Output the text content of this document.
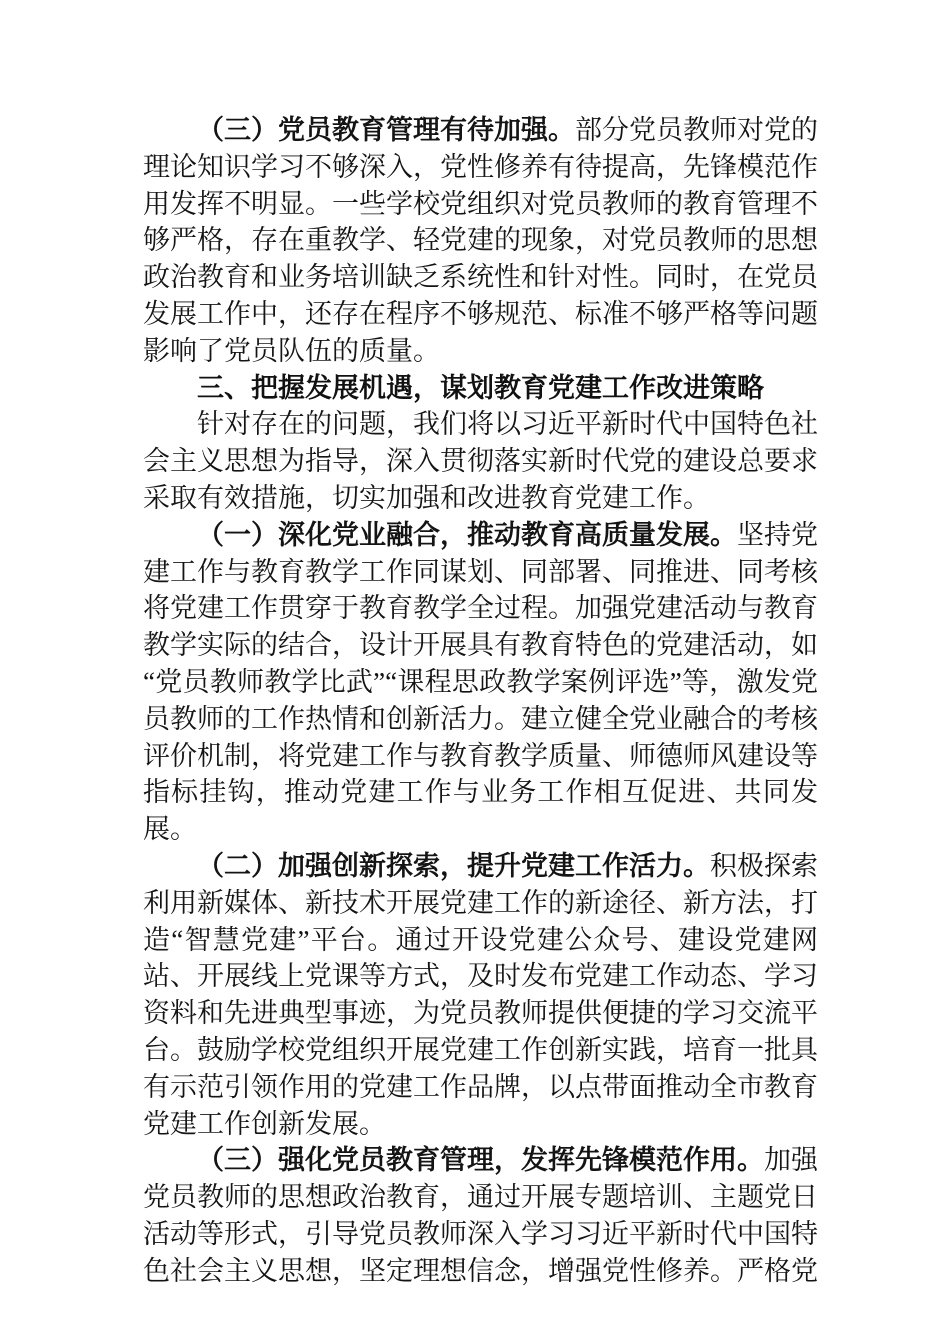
（三）党员教育管理有待加强。部分党员教师对党的理论知识学习不够深入，党性修养有待提高，先锋模范作用发挥不明显。一些学校党组织对党员教师的教育管理不够严格，存在重教学、轻党建的现象，对党员教师的思想政治教育和业务培训缺乏系统性和针对性。同时，在党员发展工作中，还存在程序不够规范、标准不够严格等问题影响了党员队伍的质量。

三、把握发展机遇，谋划教育党建工作改进策略

针对存在的问题，我们将以习近平新时代中国特色社会主义思想为指导，深入贯彻落实新时代党的建设总要求采取有效措施，切实加强和改进教育党建工作。

（一）深化党业融合，推动教育高质量发展。坚持党建工作与教育教学工作同谋划、同部署、同推进、同考核将党建工作贯穿于教育教学全过程。加强党建活动与教育教学实际的结合，设计开展具有教育特色的党建活动，如“党员教师教学比武”“课程思政教学案例评选”等，激发党员教师的工作热情和创新活力。建立健全党业融合的考核评价机制，将党建工作与教育教学质量、师德师风建设等指标挂钩，推动党建工作与业务工作相互促进、共同发展。

（二）加强创新探索，提升党建工作活力。积极探索利用新媒体、新技术开展党建工作的新途径、新方法，打造“智慧党建”平台。通过开设党建公众号、建设党建网站、开展线上党课等方式，及时发布党建工作动态、学习资料和先进典型事迹，为党员教师提供便捷的学习交流平台。鼓励学校党组织开展党建工作创新实践，培育一批具有示范引领作用的党建工作品牌，以点带面推动全市教育党建工作创新发展。

（三）强化党员教育管理，发挥先锋模范作用。加强党员教师的思想政治教育，通过开展专题培训、主题党日活动等形式，引导党员教师深入学习习近平新时代中国特色社会主义思想，坚定理想信念，增强党性修养。严格党
